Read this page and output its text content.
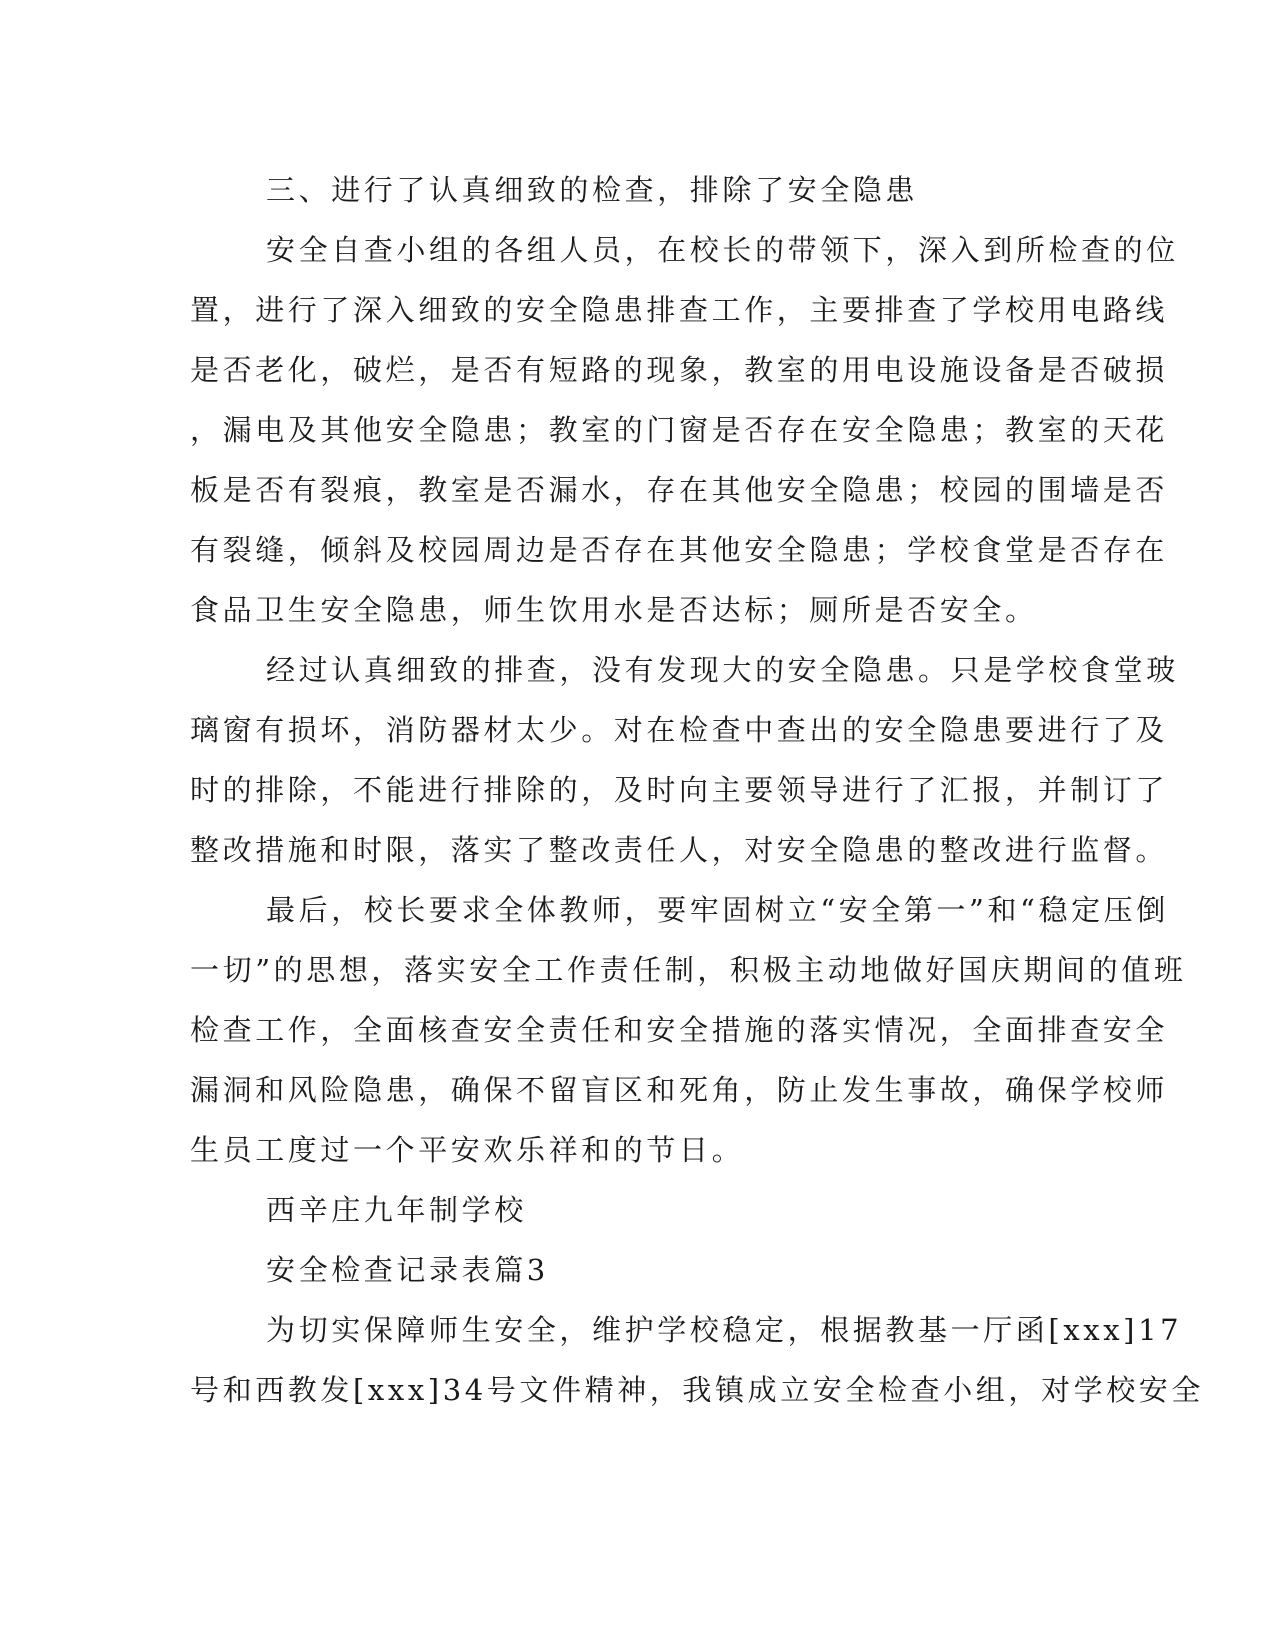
三、进行了认真细致的检查，排除了安全隐患
安全自查小组的各组人员，在校长的带领下，深入到所检查的位
置，进行了深入细致的安全隐患排查工作，主要排查了学校用电路线
是否老化，破烂，是否有短路的现象，教室的用电设施设备是否破损
，漏电及其他安全隐患；教室的门窗是否存在安全隐患；教室的天花
板是否有裂痕，教室是否漏水，存在其他安全隐患；校园的围墙是否
有裂缝，倾斜及校园周边是否存在其他安全隐患；学校食堂是否存在
食品卫生安全隐患，师生饮用水是否达标；厕所是否安全。
经过认真细致的排查，没有发现大的安全隐患。只是学校食堂玻
璃窗有损坏，消防器材太少。对在检查中查出的安全隐患要进行了及
时的排除，不能进行排除的，及时向主要领导进行了汇报，并制订了
整改措施和时限，落实了整改责任人，对安全隐患的整改进行监督。
最后，校长要求全体教师，要牢固树立“安全第一”和“稳定压倒
一切”的思想，落实安全工作责任制，积极主动地做好国庆期间的值班
检查工作，全面核查安全责任和安全措施的落实情况，全面排查安全
漏洞和风险隐患，确保不留盲区和死角，防止发生事故，确保学校师
生员工度过一个平安欢乐祥和的节日。
西辛庄九年制学校
安全检查记录表篇3
为切实保障师生安全，维护学校稳定，根据教基一厅函[xxx]17
号和西教发[xxx]34号文件精神，我镇成立安全检查小组，对学校安全
